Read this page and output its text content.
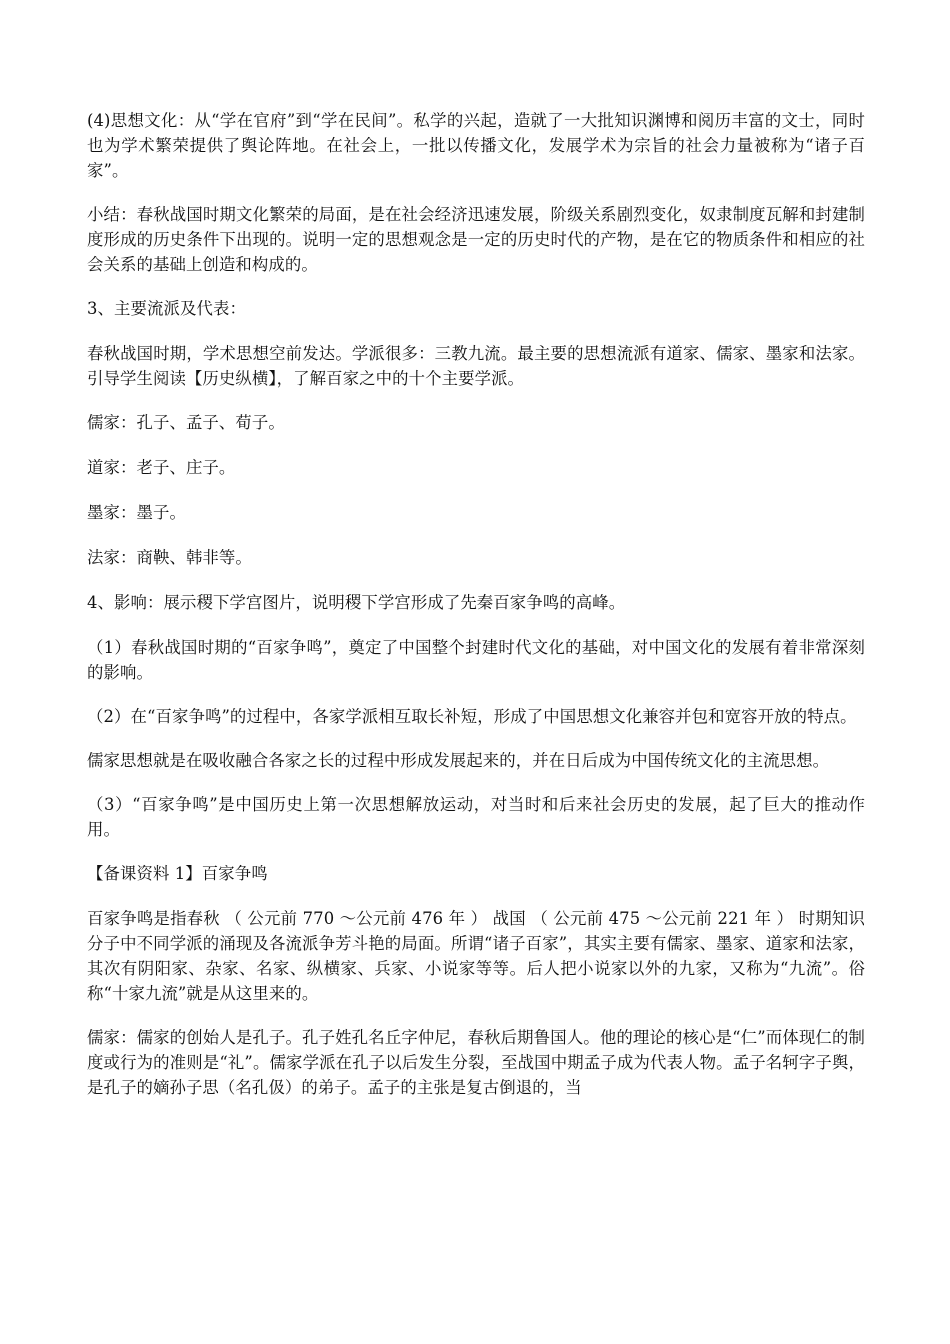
(4)思想文化：从“学在官府”到“学在民间”。私学的兴起，造就了一大批知识渊博和阅历丰富的文士，同时也为学术繁荣提供了舆论阵地。在社会上，一批以传播文化，发展学术为宗旨的社会力量被称为“诸子百家”。

小结：春秋战国时期文化繁荣的局面，是在社会经济迅速发展，阶级关系剧烈变化，奴隶制度瓦解和封建制度形成的历史条件下出现的。说明一定的思想观念是一定的历史时代的产物，是在它的物质条件和相应的社会关系的基础上创造和构成的。

3、主要流派及代表：

春秋战国时期，学术思想空前发达。学派很多：三教九流。最主要的思想流派有道家、儒家、墨家和法家。引导学生阅读【历史纵横】，了解百家之中的十个主要学派。

儒家：孔子、孟子、荀子。

道家：老子、庄子。

墨家：墨子。

法家：商鞅、韩非等。

4、影响：展示稷下学宫图片，说明稷下学宫形成了先秦百家争鸣的高峰。

（1）春秋战国时期的“百家争鸣”，奠定了中国整个封建时代文化的基础，对中国文化的发展有着非常深刻的影响。

（2）在“百家争鸣”的过程中，各家学派相互取长补短，形成了中国思想文化兼容并包和宽容开放的特点。

儒家思想就是在吸收融合各家之长的过程中形成发展起来的，并在日后成为中国传统文化的主流思想。

（3）“百家争鸣”是中国历史上第一次思想解放运动，对当时和后来社会历史的发展，起了巨大的推动作用。

【备课资料 1】百家争鸣

百家争鸣是指春秋 （ 公元前 770 ～公元前 476 年 ） 战国 （ 公元前 475 ～公元前 221 年 ） 时期知识分子中不同学派的涌现及各流派争芳斗艳的局面。所谓“诸子百家”，其实主要有儒家、墨家、道家和法家，其次有阴阳家、杂家、名家、纵横家、兵家、小说家等等。后人把小说家以外的九家，又称为“九流”。俗称“十家九流”就是从这里来的。

儒家：儒家的创始人是孔子。孔子姓孔名丘字仲尼，春秋后期鲁国人。他的理论的核心是“仁”而体现仁的制度或行为的准则是“礼”。儒家学派在孔子以后发生分裂，至战国中期孟子成为代表人物。孟子名轲字子舆，是孔子的嫡孙子思（名孔伋）的弟子。孟子的主张是复古倒退的，当
